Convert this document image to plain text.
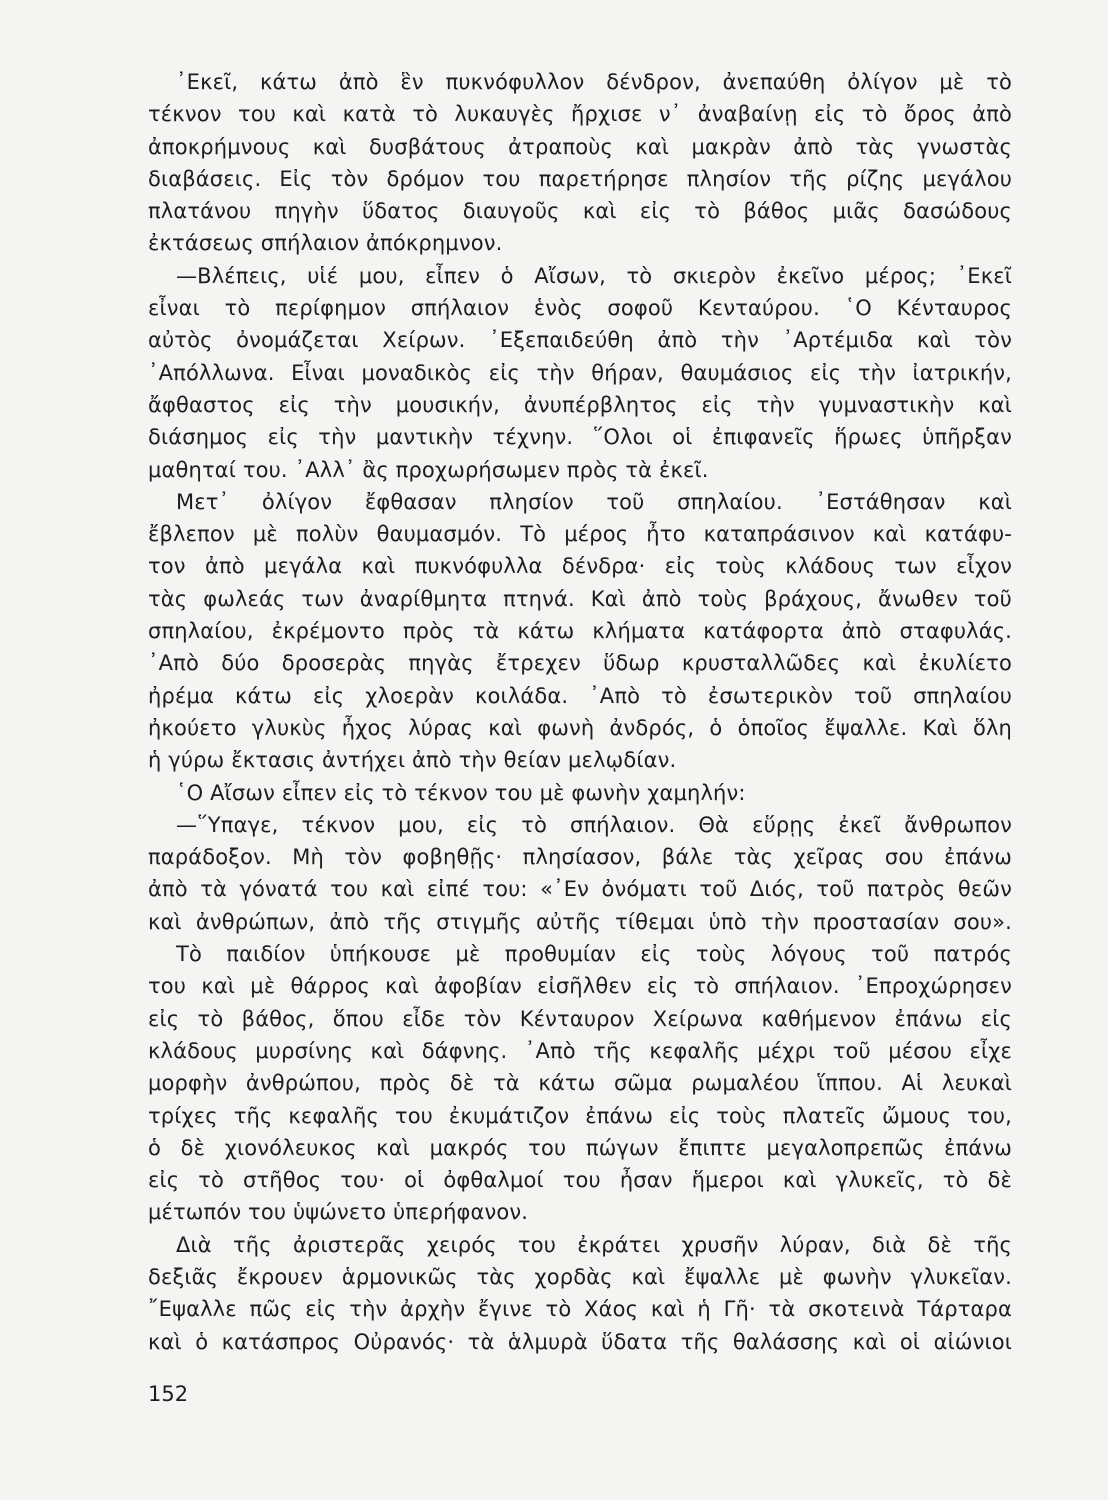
᾿Εκεῖ, κάτω ἀπὸ ἓν πυκνόφυλλον δένδρον, ἀνεπαύθη ὀλίγον μὲ τὸ
τέκνον του καὶ κατὰ τὸ λυκαυγὲς ἤρχισε ν᾿ ἀναβαίνῃ εἰς τὸ ὄρος ἀπὸ
ἀποκρήμνους καὶ δυσβάτους ἀτραποὺς καὶ μακρὰν ἀπὸ τὰς γνωστὰς
διαβάσεις. Εἰς τὸν δρόμον του παρετήρησε πλησίον τῆς ρίζης μεγάλου
πλατάνου πηγὴν ὕδατος διαυγοῦς καὶ εἰς τὸ βάθος μιᾶς δασώδους
ἐκτάσεως σπήλαιον ἀπόκρημνον.
—Βλέπεις, υἱέ μου, εἶπεν ὁ Αἴσων, τὸ σκιερὸν ἐκεῖνο μέρος; ᾿Εκεῖ
εἶναι τὸ περίφημον σπήλαιον ἑνὸς σοφοῦ Κενταύρου. ῾Ο Κένταυρος
αὐτὸς ὀνομάζεται Χείρων. ᾿Εξεπαιδεύθη ἀπὸ τὴν ᾿Αρτέμιδα καὶ τὸν
᾿Απόλλωνα. Εἶναι μοναδικὸς εἰς τὴν θήραν, θαυμάσιος εἰς τὴν ἰατρικήν,
ἄφθαστος εἰς τὴν μουσικήν, ἀνυπέρβλητος εἰς τὴν γυμναστικὴν καὶ
διάσημος εἰς τὴν μαντικὴν τέχνην. ῞Ολοι οἱ ἐπιφανεῖς ἥρωες ὑπῆρξαν
μαθηταί του. ᾿Αλλ᾿ ἂς προχωρήσωμεν πρὸς τὰ ἐκεῖ.
Μετ᾿ ὀλίγον ἔφθασαν πλησίον τοῦ σπηλαίου. ᾿Εστάθησαν καὶ
ἔβλεπον μὲ πολὺν θαυμασμόν. Τὸ μέρος ἦτο καταπράσινον καὶ κατάφυ-
τον ἀπὸ μεγάλα καὶ πυκνόφυλλα δένδρα· εἰς τοὺς κλάδους των εἶχον
τὰς φωλεάς των ἀναρίθμητα πτηνά. Καὶ ἀπὸ τοὺς βράχους, ἄνωθεν τοῦ
σπηλαίου, ἐκρέμοντο πρὸς τὰ κάτω κλήματα κατάφορτα ἀπὸ σταφυλάς.
᾿Απὸ δύο δροσερὰς πηγὰς ἔτρεχεν ὕδωρ κρυσταλλῶδες καὶ ἐκυλίετο
ἠρέμα κάτω εἰς χλοερὰν κοιλάδα. ᾿Απὸ τὸ ἐσωτερικὸν τοῦ σπηλαίου
ἠκούετο γλυκὺς ἦχος λύρας καὶ φωνὴ ἀνδρός, ὁ ὁποῖος ἔψαλλε. Καὶ ὅλη
ἡ γύρω ἔκτασις ἀντήχει ἀπὸ τὴν θείαν μελῳδίαν.
῾Ο Αἴσων εἶπεν εἰς τὸ τέκνον του μὲ φωνὴν χαμηλήν:
—῞Υπαγε, τέκνον μου, εἰς τὸ σπήλαιον. Θὰ εὕρῃς ἐκεῖ ἄνθρωπον
παράδοξον. Μὴ τὸν φοβηθῇς· πλησίασον, βάλε τὰς χεῖρας σου ἐπάνω
ἀπὸ τὰ γόνατά του καὶ εἰπέ του: «᾿Εν ὀνόματι τοῦ Διός, τοῦ πατρὸς θεῶν
καὶ ἀνθρώπων, ἀπὸ τῆς στιγμῆς αὐτῆς τίθεμαι ὑπὸ τὴν προστασίαν σου».
Τὸ παιδίον ὑπήκουσε μὲ προθυμίαν εἰς τοὺς λόγους τοῦ πατρός
του καὶ μὲ θάρρος καὶ ἀφοβίαν εἰσῆλθεν εἰς τὸ σπήλαιον. ᾿Επροχώρησεν
εἰς τὸ βάθος, ὅπου εἶδε τὸν Κένταυρον Χείρωνα καθήμενον ἐπάνω εἰς
κλάδους μυρσίνης καὶ δάφνης. ᾿Απὸ τῆς κεφαλῆς μέχρι τοῦ μέσου εἶχε
μορφὴν ἀνθρώπου, πρὸς δὲ τὰ κάτω σῶμα ρωμαλέου ἵππου. Αἱ λευκαὶ
τρίχες τῆς κεφαλῆς του ἐκυμάτιζον ἐπάνω εἰς τοὺς πλατεῖς ὤμους του,
ὁ δὲ χιονόλευκος καὶ μακρός του πώγων ἔπιπτε μεγαλοπρεπῶς ἐπάνω
εἰς τὸ στῆθος του· οἱ ὀφθαλμοί του ἦσαν ἥμεροι καὶ γλυκεῖς, τὸ δὲ
μέτωπόν του ὑψώνετο ὑπερήφανον.
Διὰ τῆς ἀριστερᾶς χειρός του ἐκράτει χρυσῆν λύραν, διὰ δὲ τῆς
δεξιᾶς ἔκρουεν ἁρμονικῶς τὰς χορδὰς καὶ ἔψαλλε μὲ φωνὴν γλυκεῖαν.
῎Εψαλλε πῶς εἰς τὴν ἀρχὴν ἔγινε τὸ Χάος καὶ ἡ Γῆ· τὰ σκοτεινὰ Τάρταρα
καὶ ὁ κατάσπρος Οὐρανός· τὰ ἁλμυρὰ ὕδατα τῆς θαλάσσης καὶ οἱ αἰώνιοι
152
